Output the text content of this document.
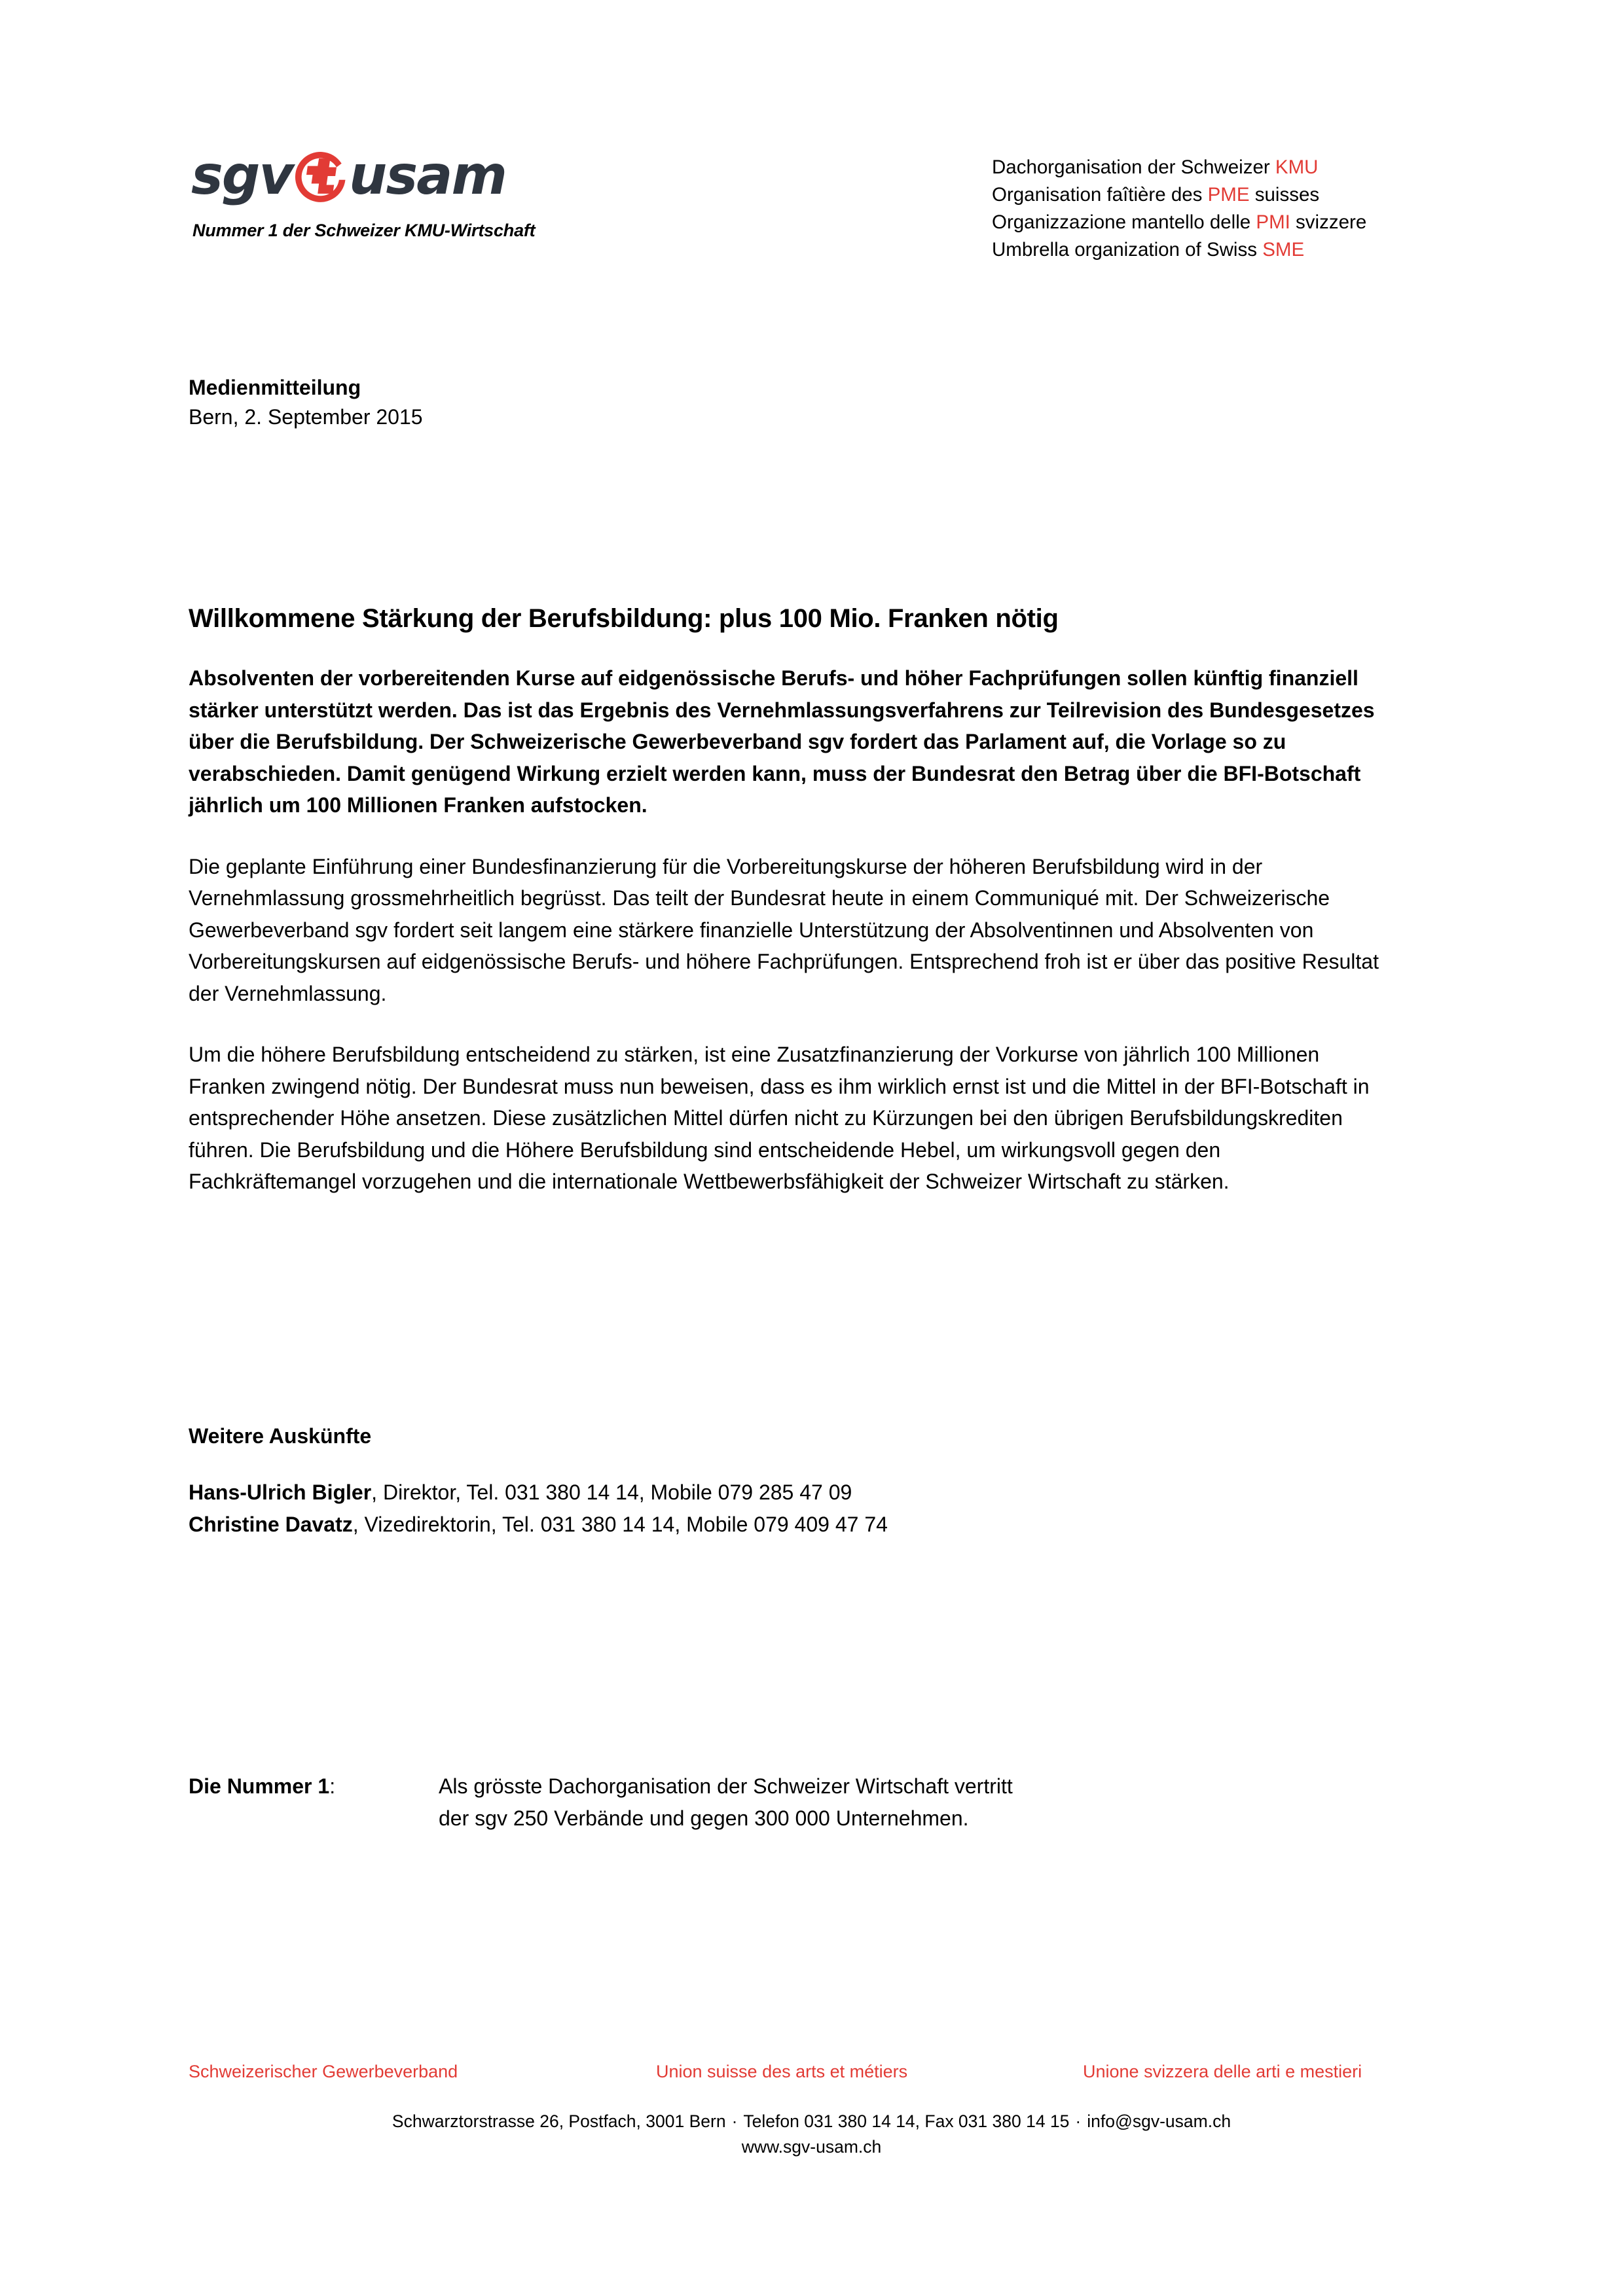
sgv usam
Nummer 1 der Schweizer KMU-Wirtschaft
Dachorganisation der Schweizer KMU
Organisation faîtière des PME suisses
Organizzazione mantello delle PMI svizzere
Umbrella organization of Swiss SME
Medienmitteilung
Bern, 2. September 2015
Willkommene Stärkung der Berufsbildung: plus 100 Mio. Franken nötig

Absolventen der vorbereitenden Kurse auf eidgenössische Berufs- und höher Fachprüfungen sollen künftig finanziell stärker unterstützt werden. Das ist das Ergebnis des Vernehmlassungsverfahrens zur Teilrevision des Bundesgesetzes über die Berufsbildung. Der Schweizerische Gewerbeverband sgv fordert das Parlament auf, die Vorlage so zu verabschieden. Damit genügend Wirkung erzielt werden kann, muss der Bundesrat den Betrag über die BFI-Botschaft jährlich um 100 Millionen Franken aufstocken.

Die geplante Einführung einer Bundesfinanzierung für die Vorbereitungskurse der höheren Berufsbildung wird in der Vernehmlassung grossmehrheitlich begrüsst. Das teilt der Bundesrat heute in einem Communiqué mit. Der Schweizerische Gewerbeverband sgv fordert seit langem eine stärkere finanzielle Unterstützung der Absolventinnen und Absolventen von Vorbereitungskursen auf eidgenössische Berufs- und höhere Fachprüfungen. Entsprechend froh ist er über das positive Resultat der Vernehmlassung.

Um die höhere Berufsbildung entscheidend zu stärken, ist eine Zusatzfinanzierung der Vorkurse von jährlich 100 Millionen Franken zwingend nötig. Der Bundesrat muss nun beweisen, dass es ihm wirklich ernst ist und die Mittel in der BFI-Botschaft in entsprechender Höhe ansetzen. Diese zusätzlichen Mittel dürfen nicht zu Kürzungen bei den übrigen Berufsbildungskrediten führen. Die Berufsbildung und die Höhere Berufsbildung sind entscheidende Hebel, um wirkungsvoll gegen den Fachkräftemangel vorzugehen und die internationale Wettbewerbsfähigkeit der Schweizer Wirtschaft zu stärken.

Weitere Auskünfte
Hans-Ulrich Bigler, Direktor, Tel. 031 380 14 14, Mobile 079 285 47 09
Christine Davatz, Vizedirektorin, Tel. 031 380 14 14, Mobile 079 409 47 74
Die Nummer 1:	Als grösste Dachorganisation der Schweizer Wirtschaft vertritt
der sgv 250 Verbände und gegen 300 000 Unternehmen.
Schweizerischer Gewerbeverband	Union suisse des arts et métiers	Unione svizzera delle arti e mestieri
Schwarztorstrasse 26, Postfach, 3001 Bern · Telefon 031 380 14 14, Fax 031 380 14 15 · info@sgv-usam.ch
www.sgv-usam.ch
